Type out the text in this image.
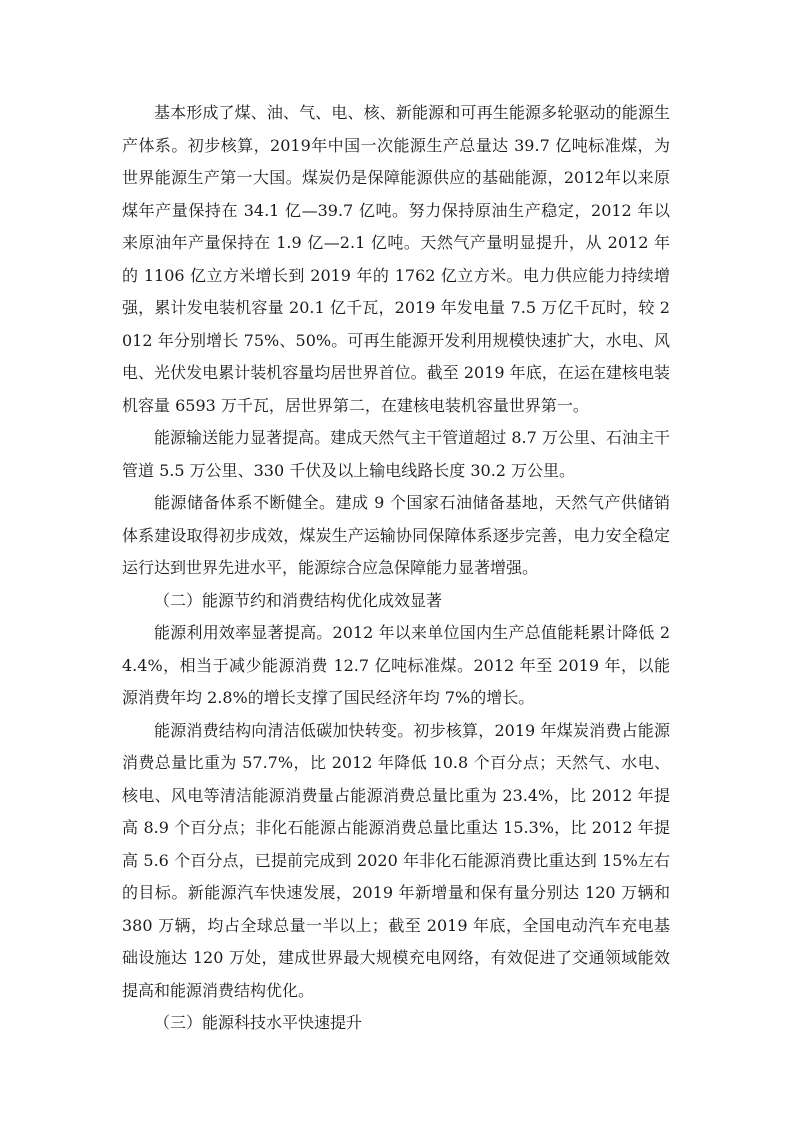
基本形成了煤、油、气、电、核、新能源和可再生能源多轮驱动的能源生产体系。初步核算，2019年中国一次能源生产总量达 39.7 亿吨标准煤，为世界能源生产第一大国。煤炭仍是保障能源供应的基础能源，2012年以来原煤年产量保持在 34.1 亿—39.7 亿吨。努力保持原油生产稳定，2012 年以来原油年产量保持在 1.9 亿—2.1 亿吨。天然气产量明显提升，从 2012 年的 1106 亿立方米增长到 2019 年的 1762 亿立方米。电力供应能力持续增强，累计发电装机容量 20.1 亿千瓦，2019 年发电量 7.5 万亿千瓦时，较 2012 年分别增长 75%、50%。可再生能源开发利用规模快速扩大，水电、风电、光伏发电累计装机容量均居世界首位。截至 2019 年底，在运在建核电装机容量 6593 万千瓦，居世界第二，在建核电装机容量世界第一。

能源输送能力显著提高。建成天然气主干管道超过 8.7 万公里、石油主干管道 5.5 万公里、330 千伏及以上输电线路长度 30.2 万公里。

能源储备体系不断健全。建成 9 个国家石油储备基地，天然气产供储销体系建设取得初步成效，煤炭生产运输协同保障体系逐步完善，电力安全稳定运行达到世界先进水平，能源综合应急保障能力显著增强。

（二）能源节约和消费结构优化成效显著

能源利用效率显著提高。2012 年以来单位国内生产总值能耗累计降低 24.4%，相当于减少能源消费 12.7 亿吨标准煤。2012 年至 2019 年，以能源消费年均 2.8%的增长支撑了国民经济年均 7%的增长。

能源消费结构向清洁低碳加快转变。初步核算，2019 年煤炭消费占能源消费总量比重为 57.7%，比 2012 年降低 10.8 个百分点；天然气、水电、核电、风电等清洁能源消费量占能源消费总量比重为 23.4%，比 2012 年提高 8.9 个百分点；非化石能源占能源消费总量比重达 15.3%，比 2012 年提高 5.6 个百分点，已提前完成到 2020 年非化石能源消费比重达到 15%左右的目标。新能源汽车快速发展，2019 年新增量和保有量分别达 120 万辆和 380 万辆，均占全球总量一半以上；截至 2019 年底，全国电动汽车充电基础设施达 120 万处，建成世界最大规模充电网络，有效促进了交通领域能效提高和能源消费结构优化。

（三）能源科技水平快速提升
